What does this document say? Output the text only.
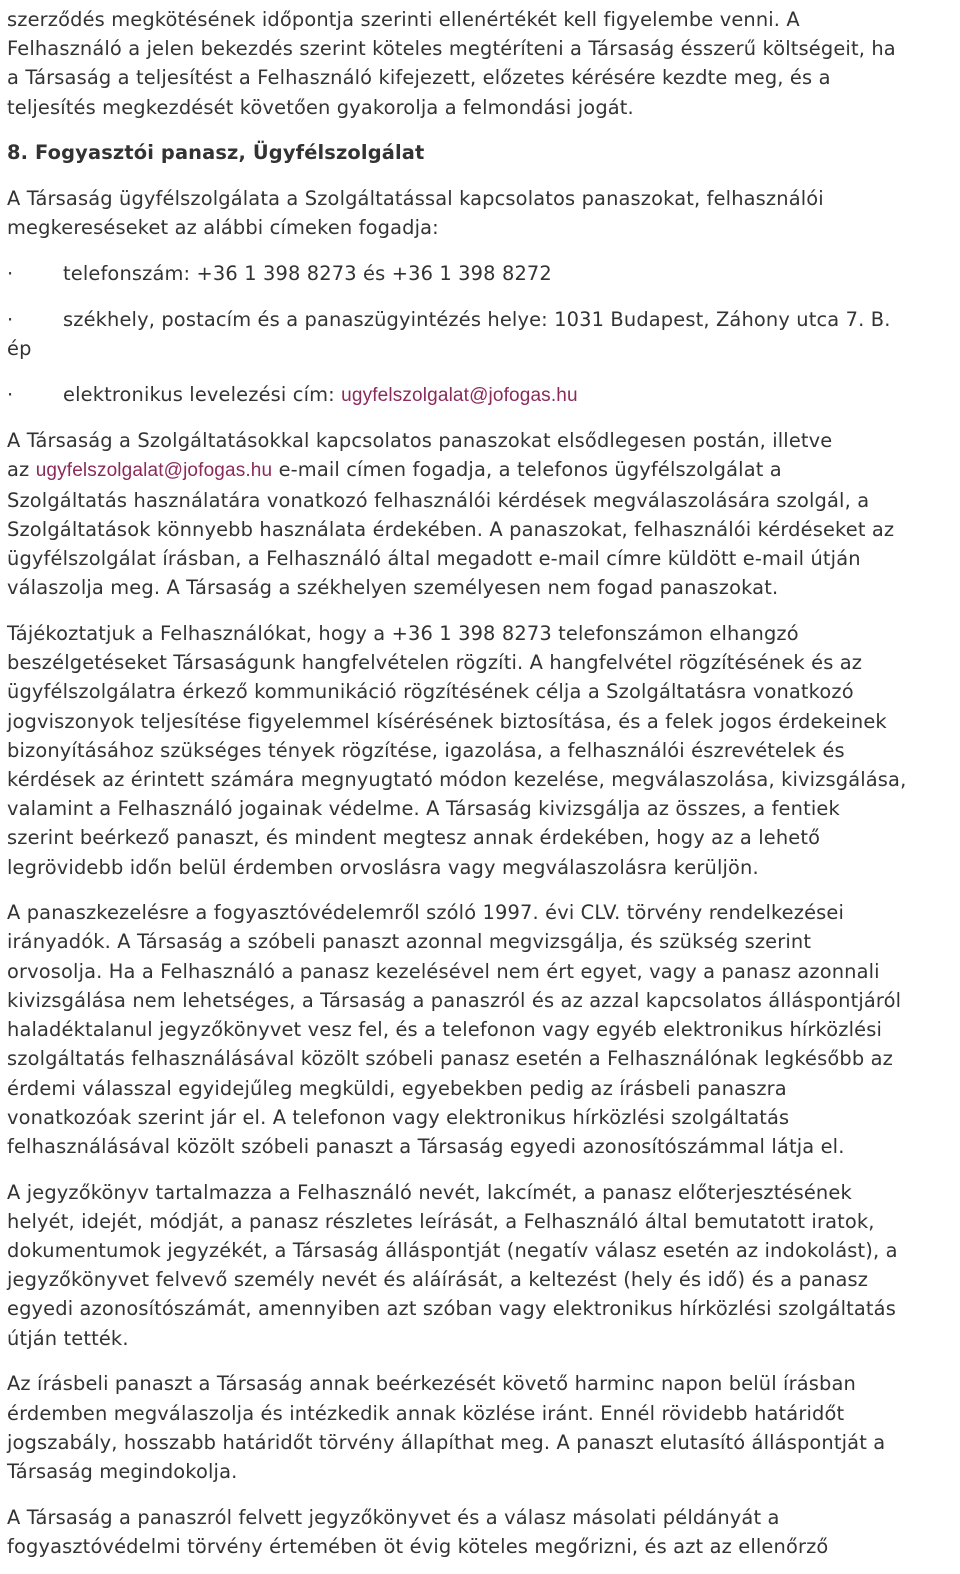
szerződés megkötésének időpontja szerinti ellenértékét kell figyelembe venni. A
Felhasználó a jelen bekezdés szerint köteles megtéríteni a Társaság ésszerű költségeit, ha
a Társaság a teljesítést a Felhasználó kifejezett, előzetes kérésére kezdte meg, és a
teljesítés megkezdését követően gyakorolja a felmondási jogát.

8. Fogyasztói panasz, Ügyfélszolgálat

A Társaság ügyfélszolgálata a Szolgáltatással kapcsolatos panaszokat, felhasználói
megkereséseket az alábbi címeken fogadja:

·	telefonszám: +36 1 398 8273 és +36 1 398 8272
·	székhely, postacím és a panaszügyintézés helye: 1031 Budapest, Záhony utca 7. B.
ép
·	elektronikus levelezési cím: ugyfelszolgalat@jofogas.hu

A Társaság a Szolgáltatásokkal kapcsolatos panaszokat elsődlegesen postán, illetve
az ugyfelszolgalat@jofogas.hu e-mail címen fogadja, a telefonos ügyfélszolgálat a
Szolgáltatás használatára vonatkozó felhasználói kérdések megválaszolására szolgál, a
Szolgáltatások könnyebb használata érdekében. A panaszokat, felhasználói kérdéseket az
ügyfélszolgálat írásban, a Felhasználó által megadott e-mail címre küldött e-mail útján
válaszolja meg. A Társaság a székhelyen személyesen nem fogad panaszokat.

Tájékoztatjuk a Felhasználókat, hogy a +36 1 398 8273 telefonszámon elhangzó
beszélgetéseket Társaságunk hangfelvételen rögzíti. A hangfelvétel rögzítésének és az
ügyfélszolgálatra érkező kommunikáció rögzítésének célja a Szolgáltatásra vonatkozó
jogviszonyok teljesítése figyelemmel kísérésének biztosítása, és a felek jogos érdekeinek
bizonyításához szükséges tények rögzítése, igazolása, a felhasználói észrevételek és
kérdések az érintett számára megnyugtató módon kezelése, megválaszolása, kivizsgálása,
valamint a Felhasználó jogainak védelme. A Társaság kivizsgálja az összes, a fentiek
szerint beérkező panaszt, és mindent megtesz annak érdekében, hogy az a lehető
legrövidebb időn belül érdemben orvoslásra vagy megválaszolásra kerüljön.

A panaszkezelésre a fogyasztóvédelemről szóló 1997. évi CLV. törvény rendelkezései
irányadók. A Társaság a szóbeli panaszt azonnal megvizsgálja, és szükség szerint
orvosolja. Ha a Felhasználó a panasz kezelésével nem ért egyet, vagy a panasz azonnali
kivizsgálása nem lehetséges, a Társaság a panaszról és az azzal kapcsolatos álláspontjáról
haladéktalanul jegyzőkönyvet vesz fel, és a telefonon vagy egyéb elektronikus hírközlési
szolgáltatás felhasználásával közölt szóbeli panasz esetén a Felhasználónak legkésőbb az
érdemi válasszal egyidejűleg megküldi, egyebekben pedig az írásbeli panaszra
vonatkozóak szerint jár el. A telefonon vagy elektronikus hírközlési szolgáltatás
felhasználásával közölt szóbeli panaszt a Társaság egyedi azonosítószámmal látja el.

A jegyzőkönyv tartalmazza a Felhasználó nevét, lakcímét, a panasz előterjesztésének
helyét, idejét, módját, a panasz részletes leírását, a Felhasználó által bemutatott iratok,
dokumentumok jegyzékét, a Társaság álláspontját (negatív válasz esetén az indokolást), a
jegyzőkönyvet felvevő személy nevét és aláírását, a keltezést (hely és idő) és a panasz
egyedi azonosítószámát, amennyiben azt szóban vagy elektronikus hírközlési szolgáltatás
útján tették.

Az írásbeli panaszt a Társaság annak beérkezését követő harminc napon belül írásban
érdemben megválaszolja és intézkedik annak közlése iránt. Ennél rövidebb határidőt
jogszabály, hosszabb határidőt törvény állapíthat meg. A panaszt elutasító álláspontját a
Társaság megindokolja.

A Társaság a panaszról felvett jegyzőkönyvet és a válasz másolati példányát a
fogyasztóvédelmi törvény értemében öt évig köteles megőrizni, és azt az ellenőrző
